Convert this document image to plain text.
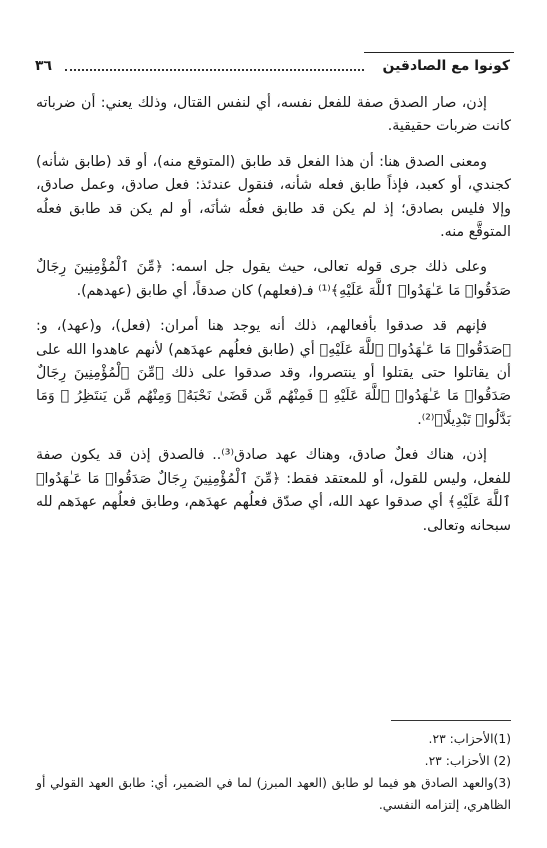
كونوا مع الصادقين
٣٦

إذن، صار الصدق صفة للفعل نفسه، أي لنفس القتال، وذلك يعني: أن ضرباته كانت ضربات حقيقية.

ومعنى الصدق هنا: أن هذا الفعل قد طابق (المتوقع منه)، أو قد (طابق شأنه) كجندي، أو كعبد، فإذاً طابق فعله شأنه، فنقول عندئذ: فعل صادق، وعمل صادق، وإلا فليس بصادق؛ إذ لم يكن قد طابق فعلُه شأنَه، أو لم يكن قد طابق فعلُه المتوقَّع منه.

وعلى ذلك جرى قوله تعالى، حيث يقول جل اسمه: ﴿مِّنَ ٱلْمُؤْمِنِينَ رِجَالٌ صَدَقُوا۟ مَا عَـٰهَدُوا۟ ٱللَّهَ عَلَيْهِ﴾⁽¹⁾ فـ(فعلهم) كان صدقاً، أي طابق (عهدهم).

فإنهم قد صدقوا بأفعالهم، ذلك أنه يوجد هنا أمران: (فعل)، و(عهد)، و: ﴿صَدَقُوا۟ مَا عَـٰهَدُوا۟ ٱللَّهَ عَلَيْهِ﴾ أي (طابق فعلُهم عهدَهم) لأنهم عاهدوا الله على أن يقاتلوا حتى يقتلوا أو ينتصروا، وقد صدقوا على ذلك ﴿مِّنَ ٱلْمُؤْمِنِينَ رِجَالٌ صَدَقُوا۟ مَا عَـٰهَدُوا۟ ٱللَّهَ عَلَيْهِ ۖ فَمِنْهُم مَّن قَضَىٰ نَحْبَهُۥ وَمِنْهُم مَّن يَنتَظِرُ ۖ وَمَا بَدَّلُوا۟ تَبْدِيلًا﴾⁽²⁾.

إذن، هناك فعلٌ صادق، وهناك عهد صادق⁽³⁾.. فالصدق إذن قد يكون صفة للفعل، وليس للقول، أو للمعتقد فقط: ﴿مِّنَ ٱلْمُؤْمِنِينَ رِجَالٌ صَدَقُوا۟ مَا عَـٰهَدُوا۟ ٱللَّهَ عَلَيْهِ﴾ أي صدقوا عهد الله، أي صدّق فعلُهم عهدَهم، وطابق فعلُهم عهدَهم لله سبحانه وتعالى.

(1)الأحزاب: ٢٣.
(2) الأحزاب: ٢٣.
(3)والعهد الصادق هو فيما لو طابق (العهد المبرز) لما في الضمير، أي: طابق العهد القولي أو الظاهري، إلتزامه النفسي.
